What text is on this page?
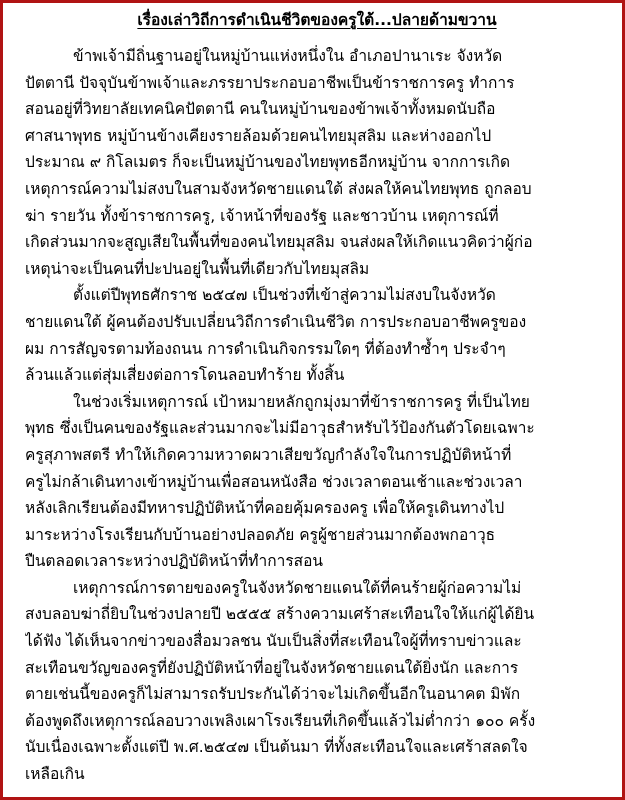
เรื่องเล่าวิถีการดำเนินชีวิตของครูใต้...ปลายด้ามขวาน
ข้าพเจ้ามีถิ่นฐานอยู่ในหมู่บ้านแห่งหนึ่งใน อำเภอปานาเระ จังหวัด
ปัตตานี ปัจจุบันข้าพเจ้าและภรรยาประกอบอาชีพเป็นข้าราชการครู ทำการ
สอนอยู่ที่วิทยาลัยเทคนิคปัตตานี คนในหมู่บ้านของข้าพเจ้าทั้งหมดนับถือ
ศาสนาพุทธ หมู่บ้านข้างเคียงรายล้อมด้วยคนไทยมุสลิม และห่างออกไป
ประมาณ ๙ กิโลเมตร ก็จะเป็นหมู่บ้านของไทยพุทธอีกหมู่บ้าน จากการเกิด
เหตุการณ์ความไม่สงบในสามจังหวัดชายแดนใต้ ส่งผลให้คนไทยพุทธ ถูกลอบ
ฆ่า รายวัน ทั้งข้าราชการครู, เจ้าหน้าที่ของรัฐ และชาวบ้าน เหตุการณ์ที่
เกิดส่วนมากจะสูญเสียในพื้นที่ของคนไทยมุสลิม จนส่งผลให้เกิดแนวคิดว่าผู้ก่อ
เหตุน่าจะเป็นคนที่ปะปนอยู่ในพื้นที่เดียวกับไทยมุสลิม
ตั้งแต่ปีพุทธศักราช ๒๕๔๗ เป็นช่วงที่เข้าสู่ความไม่สงบในจังหวัด
ชายแดนใต้ ผู้คนต้องปรับเปลี่ยนวิถีการดำเนินชีวิต การประกอบอาชีพครูของ
ผม การสัญจรตามท้องถนน การดำเนินกิจกรรมใดๆ ที่ต้องทำซ้ำๆ ประจำๆ
ล้วนแล้วแต่สุ่มเสี่ยงต่อการโดนลอบทำร้าย ทั้งสิ้น
ในช่วงเริ่มเหตุการณ์ เป้าหมายหลักถูกมุ่งมาที่ข้าราชการครู ที่เป็นไทย
พุทธ ซึ่งเป็นคนของรัฐและส่วนมากจะไม่มีอาวุธสำหรับไว้ป้องกันตัวโดยเฉพาะ
ครูสุภาพสตรี ทำให้เกิดความหวาดผวาเสียขวัญกำลังใจในการปฏิบัติหน้าที่
ครูไม่กล้าเดินทางเข้าหมู่บ้านเพื่อสอนหนังสือ ช่วงเวลาตอนเช้าและช่วงเวลา
หลังเลิกเรียนต้องมีทหารปฏิบัติหน้าที่คอยคุ้มครองครู เพื่อให้ครูเดินทางไป
มาระหว่างโรงเรียนกับบ้านอย่างปลอดภัย ครูผู้ชายส่วนมากต้องพกอาวุธ
ปืนตลอดเวลาระหว่างปฏิบัติหน้าที่ทำการสอน
เหตุการณ์การตายของครูในจังหวัดชายแดนใต้ที่คนร้ายผู้ก่อความไม่
สงบลอบฆ่าถี่ยิบในช่วงปลายปี ๒๕๕๕ สร้างความเศร้าสะเทือนใจให้แก่ผู้ได้ยิน
ได้ฟัง ได้เห็นจากข่าวของสื่อมวลชน นับเป็นสิ่งที่สะเทือนใจผู้ที่ทราบข่าวและ
สะเทือนขวัญของครูที่ยังปฏิบัติหน้าที่อยู่ในจังหวัดชายแดนใต้ยิ่งนัก และการ
ตายเช่นนี้ของครูก็ไม่สามารถรับประกันได้ว่าจะไม่เกิดขึ้นอีกในอนาคต มิพัก
ต้องพูดถึงเหตุการณ์ลอบวางเพลิงเผาโรงเรียนที่เกิดขึ้นแล้วไม่ต่ำกว่า ๑๐๐ ครั้ง
นับเนื่องเฉพาะตั้งแต่ปี พ.ศ.๒๕๔๗ เป็นต้นมา ที่ทั้งสะเทือนใจและเศร้าสลดใจ
เหลือเกิน
